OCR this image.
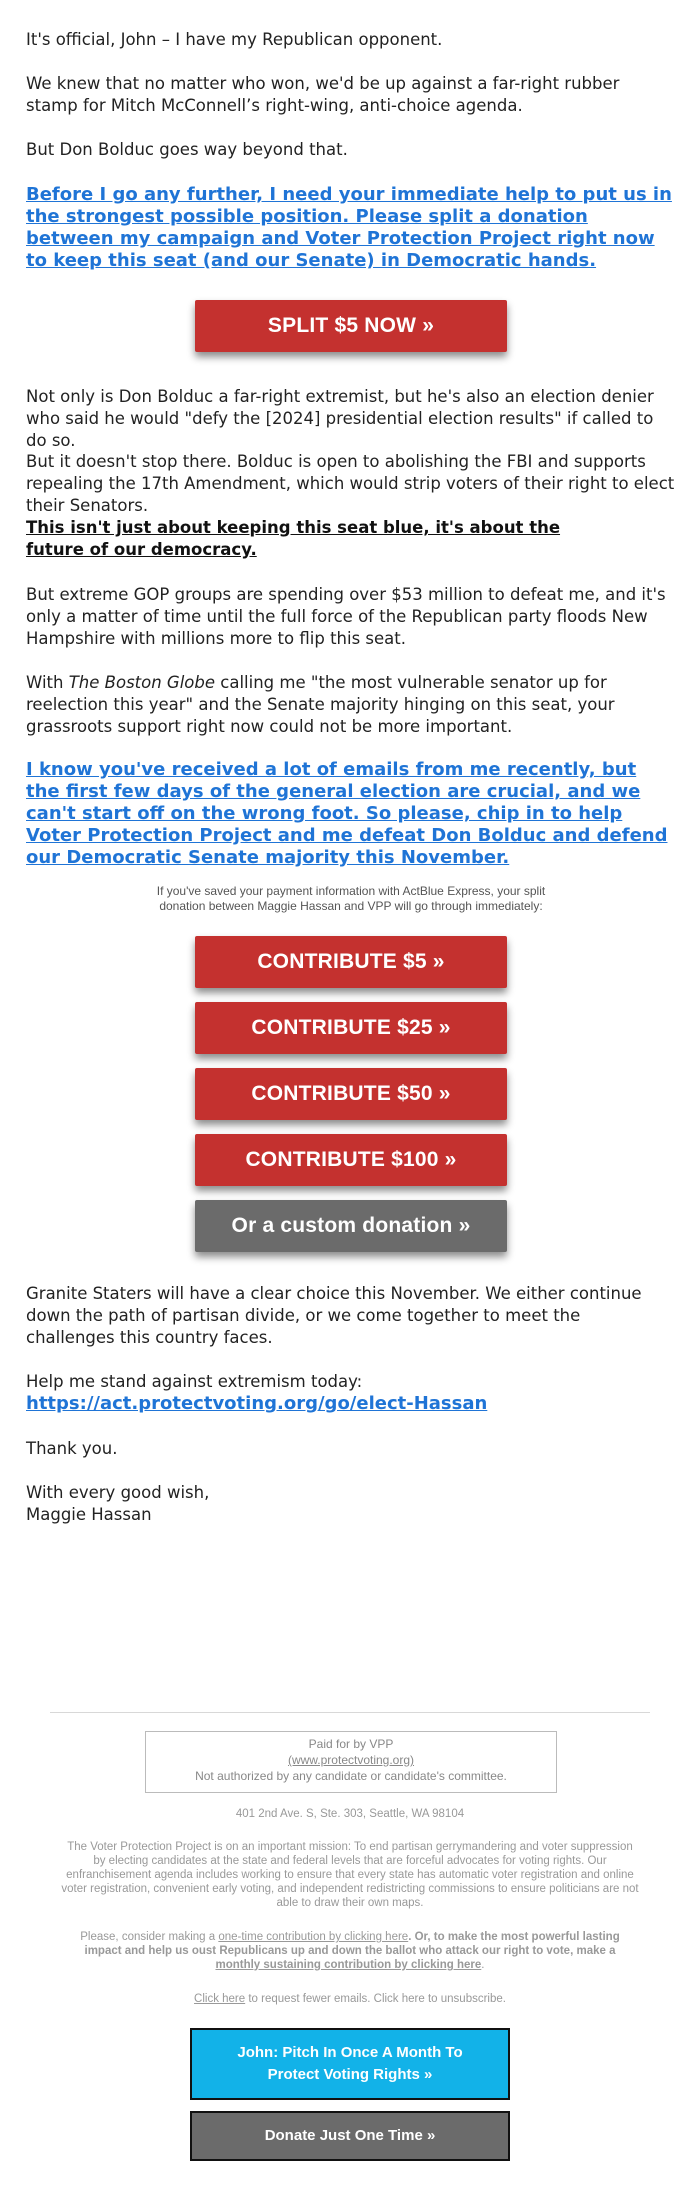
It's official, John – I have my Republican opponent.

We knew that no matter who won, we'd be up against a far-right rubber stamp for Mitch McConnell’s right-wing, anti-choice agenda.

But Don Bolduc goes way beyond that.

Before I go any further, I need your immediate help to put us in the strongest possible position. Please split a donation between my campaign and Voter Protection Project right now to keep this seat (and our Senate) in Democratic hands.
SPLIT $5 NOW »

Not only is Don Bolduc a far-right extremist, but he's also an election denier who said he would "defy the [2024] presidential election results" if called to do so.

But it doesn't stop there. Bolduc is open to abolishing the FBI and supports repealing the 17th Amendment, which would strip voters of their right to elect their Senators.

This isn't just about keeping this seat blue, it's about the future of our democracy.

But extreme GOP groups are spending over $53 million to defeat me, and it's only a matter of time until the full force of the Republican party floods New Hampshire with millions more to flip this seat.

With The Boston Globe calling me "the most vulnerable senator up for reelection this year" and the Senate majority hinging on this seat, your grassroots support right now could not be more important.

I know you've received a lot of emails from me recently, but the first few days of the general election are crucial, and we can't start off on the wrong foot. So please, chip in to help Voter Protection Project and me defeat Don Bolduc and defend our Democratic Senate majority this November.

If you've saved your payment information with ActBlue Express, your split donation between Maggie Hassan and VPP will go through immediately:

CONTRIBUTE $5 »
CONTRIBUTE $25 »
CONTRIBUTE $50 »
CONTRIBUTE $100 »
Or a custom donation »

Granite Staters will have a clear choice this November. We either continue down the path of partisan divide, or we come together to meet the challenges this country faces.

Help me stand against extremism today:

https://act.protectvoting.org/go/elect-Hassan

Thank you.

With every good wish,

Maggie Hassan

Paid for by VPP
(www.protectvoting.org)
Not authorized by any candidate or candidate's committee.
401 2nd Ave. S, Ste. 303, Seattle, WA 98104
The Voter Protection Project is on an important mission: To end partisan gerrymandering and voter suppression by electing candidates at the state and federal levels that are forceful advocates for voting rights. Our enfranchisement agenda includes working to ensure that every state has automatic voter registration and online voter registration, convenient early voting, and independent redistricting commissions to ensure politicians are not able to draw their own maps.
Please, consider making a one-time contribution by clicking here. Or, to make the most powerful lasting impact and help us oust Republicans up and down the ballot who attack our right to vote, make a monthly sustaining contribution by clicking here.
Click here to request fewer emails. Click here to unsubscribe.
John: Pitch In Once A Month To Protect Voting Rights »
Donate Just One Time »
